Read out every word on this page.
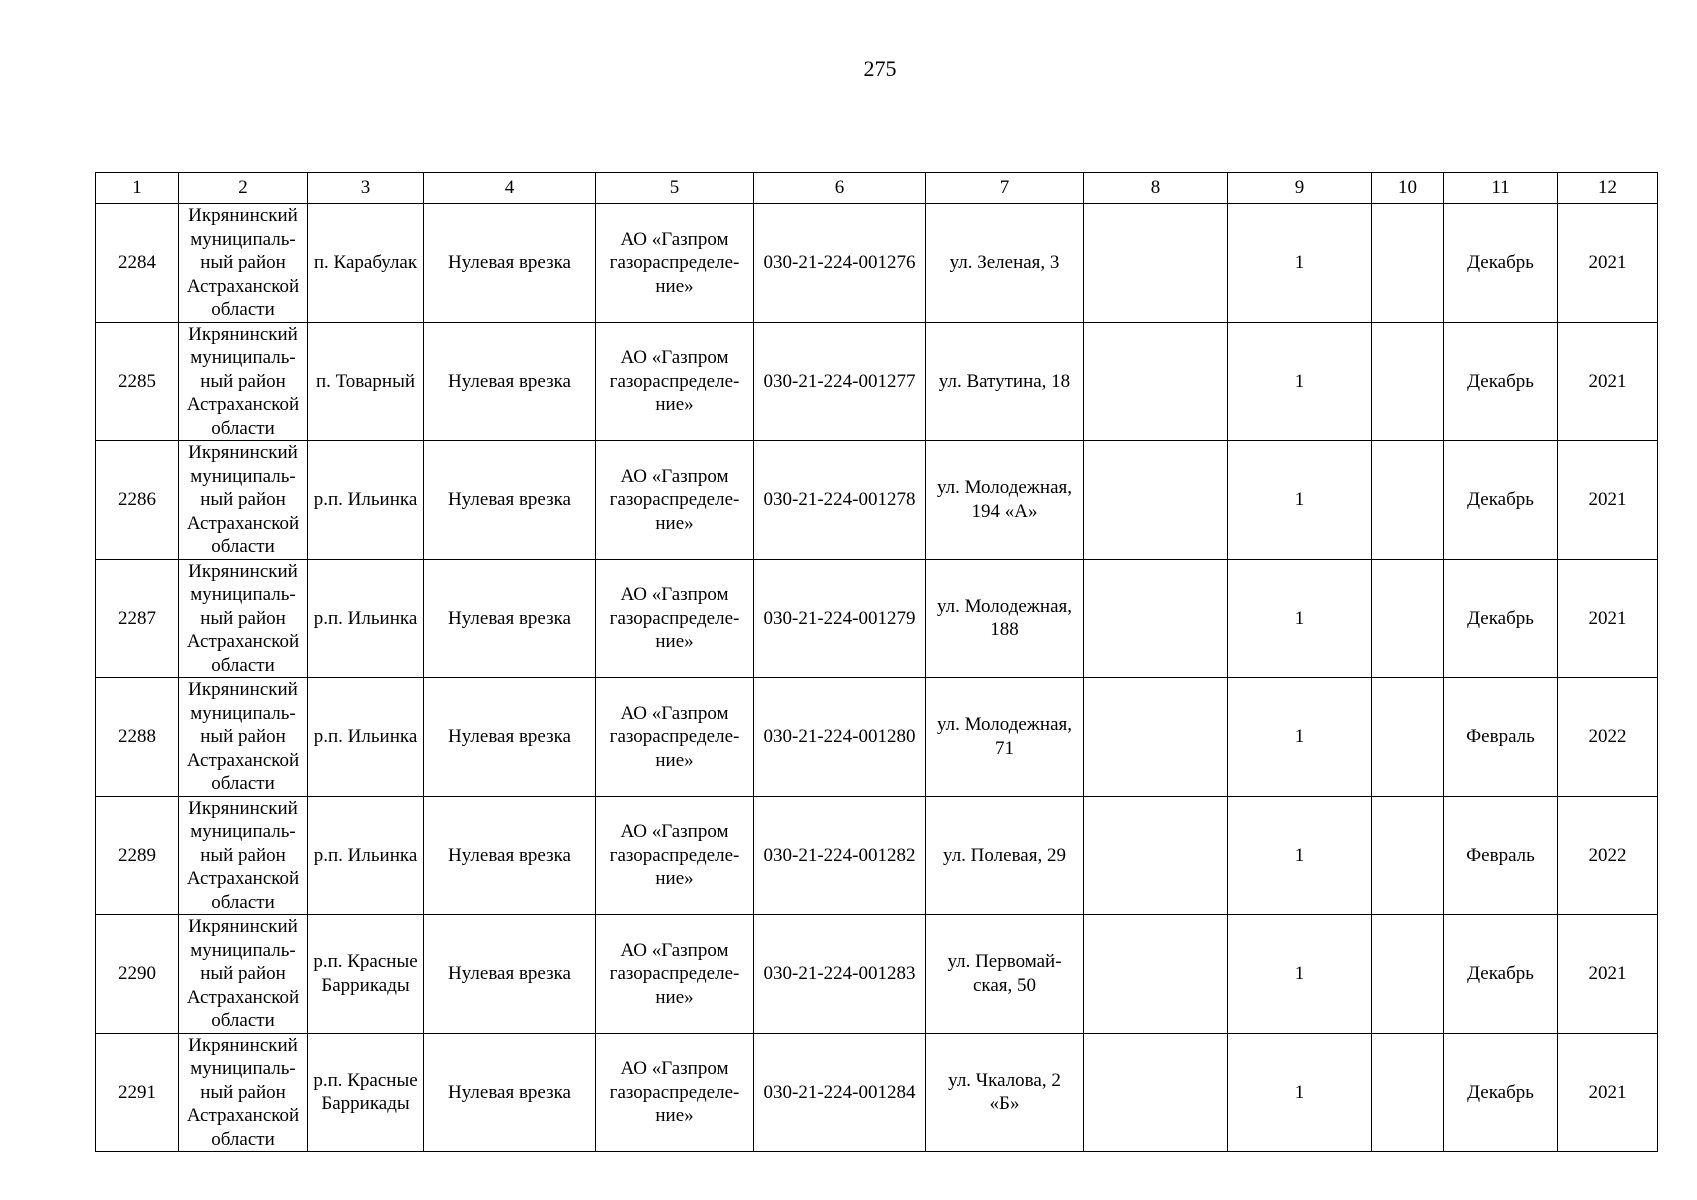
275
1	2	3	4	5	6	7	8	9	10	11	12
2284	Икрянинский
муниципаль-
ный район
Астраханской
области	п. Карабулак	Нулевая врезка	АО «Газпром
газораспределе-
ние»	030-21-224-001276	ул. Зеленая, 3		1		Декабрь	2021
2285	Икрянинский
муниципаль-
ный район
Астраханской
области	п. Товарный	Нулевая врезка	АО «Газпром
газораспределе-
ние»	030-21-224-001277	ул. Ватутина, 18		1		Декабрь	2021
2286	Икрянинский
муниципаль-
ный район
Астраханской
области	р.п. Ильинка	Нулевая врезка	АО «Газпром
газораспределе-
ние»	030-21-224-001278	ул. Молодежная,
194 «А»		1		Декабрь	2021
2287	Икрянинский
муниципаль-
ный район
Астраханской
области	р.п. Ильинка	Нулевая врезка	АО «Газпром
газораспределе-
ние»	030-21-224-001279	ул. Молодежная,
188		1		Декабрь	2021
2288	Икрянинский
муниципаль-
ный район
Астраханской
области	р.п. Ильинка	Нулевая врезка	АО «Газпром
газораспределе-
ние»	030-21-224-001280	ул. Молодежная,
71		1		Февраль	2022
2289	Икрянинский
муниципаль-
ный район
Астраханской
области	р.п. Ильинка	Нулевая врезка	АО «Газпром
газораспределе-
ние»	030-21-224-001282	ул. Полевая, 29		1		Февраль	2022
2290	Икрянинский
муниципаль-
ный район
Астраханской
области	р.п. Красные
Баррикады	Нулевая врезка	АО «Газпром
газораспределе-
ние»	030-21-224-001283	ул. Первомай-
ская, 50		1		Декабрь	2021
2291	Икрянинский
муниципаль-
ный район
Астраханской
области	р.п. Красные
Баррикады	Нулевая врезка	АО «Газпром
газораспределе-
ние»	030-21-224-001284	ул. Чкалова, 2
«Б»		1		Декабрь	2021
